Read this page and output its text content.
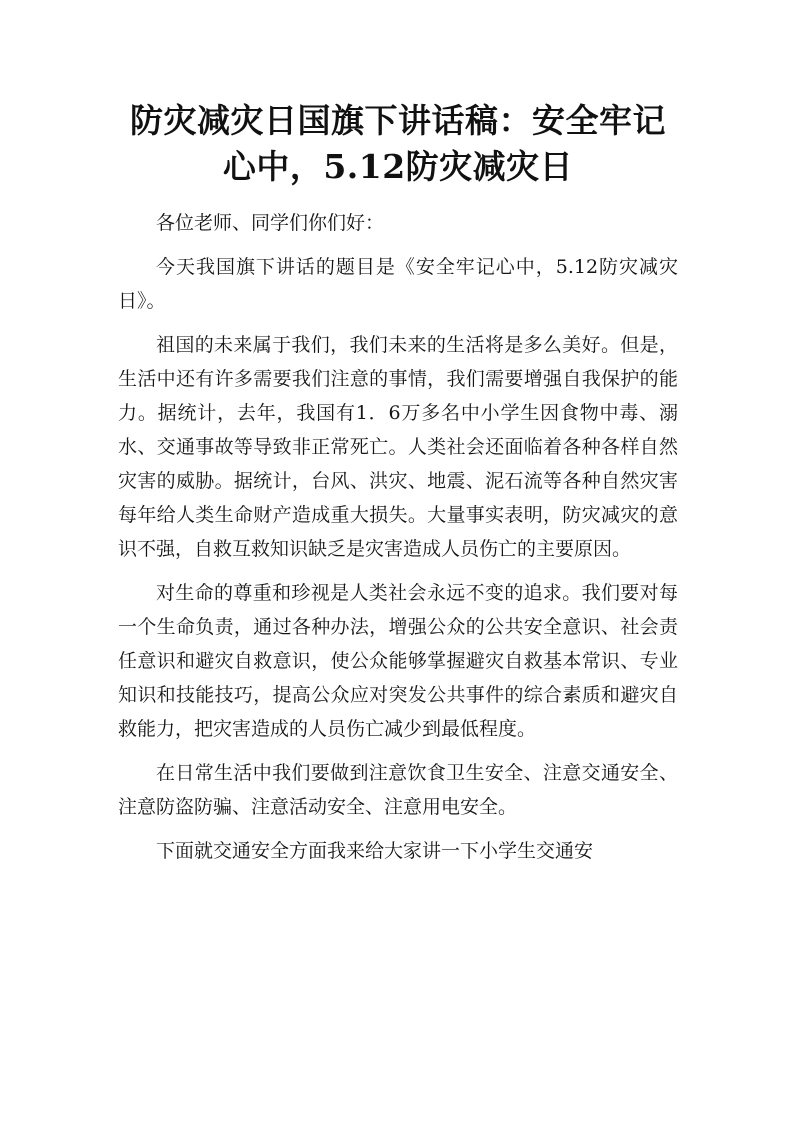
防灾减灾日国旗下讲话稿：安全牢记心中，5.12防灾减灾日

各位老师、同学们你们好：

今天我国旗下讲话的题目是《安全牢记心中，5.12防灾减灾日》。

祖国的未来属于我们，我们未来的生活将是多么美好。但是，生活中还有许多需要我们注意的事情，我们需要增强自我保护的能力。据统计，去年，我国有1．6万多名中小学生因食物中毒、溺水、交通事故等导致非正常死亡。人类社会还面临着各种各样自然灾害的威胁。据统计，台风、洪灾、地震、泥石流等各种自然灾害每年给人类生命财产造成重大损失。大量事实表明，防灾减灾的意识不强，自救互救知识缺乏是灾害造成人员伤亡的主要原因。

对生命的尊重和珍视是人类社会永远不变的追求。我们要对每一个生命负责，通过各种办法，增强公众的公共安全意识、社会责任意识和避灾自救意识，使公众能够掌握避灾自救基本常识、专业知识和技能技巧，提高公众应对突发公共事件的综合素质和避灾自救能力，把灾害造成的人员伤亡减少到最低程度。

在日常生活中我们要做到注意饮食卫生安全、注意交通安全、注意防盗防骗、注意活动安全、注意用电安全。

下面就交通安全方面我来给大家讲一下小学生交通安
